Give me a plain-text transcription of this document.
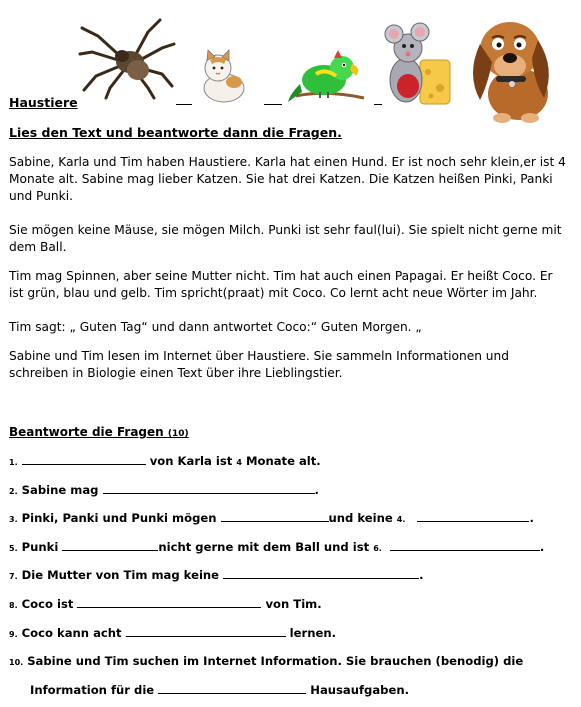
Haustiere
Lies den Text und beantworte dann die Fragen.
Sabine, Karla und Tim haben Haustiere. Karla hat einen Hund. Er ist noch sehr klein,er ist 4 Monate alt. Sabine mag lieber Katzen. Sie hat drei Katzen. Die Katzen heißen Pinki, Panki und Punki.
Sie mögen keine Mäuse, sie mögen Milch. Punki ist sehr faul(lui). Sie spielt nicht gerne mit dem Ball.
Tim mag Spinnen, aber seine Mutter nicht. Tim hat auch einen Papagai. Er heißt Coco. Er ist grün, blau und gelb. Tim spricht(praat) mit Coco. Co lernt acht neue Wörter im Jahr.
Tim sagt: „ Guten Tag“ und dann antwortet Coco:“ Guten Morgen. „
Sabine und Tim lesen im Internet über Haustiere. Sie sammeln Informationen und schreiben in Biologie einen Text über ihre Lieblingstier.
Beantworte die Fragen (10)
1.	von Karla ist 4 Monate alt.
2. Sabine mag	.
3. Pinki, Panki und Punki mögen	und keine 4.	.
5. Punki	nicht gerne mit dem Ball und ist 6.	.
7. Die Mutter von Tim mag keine	.
8. Coco ist	von Tim.
9. Coco kann acht	lernen.
10. Sabine und Tim suchen im Internet Information. Sie brauchen (benodig) die
Information für die	Hausaufgaben.
